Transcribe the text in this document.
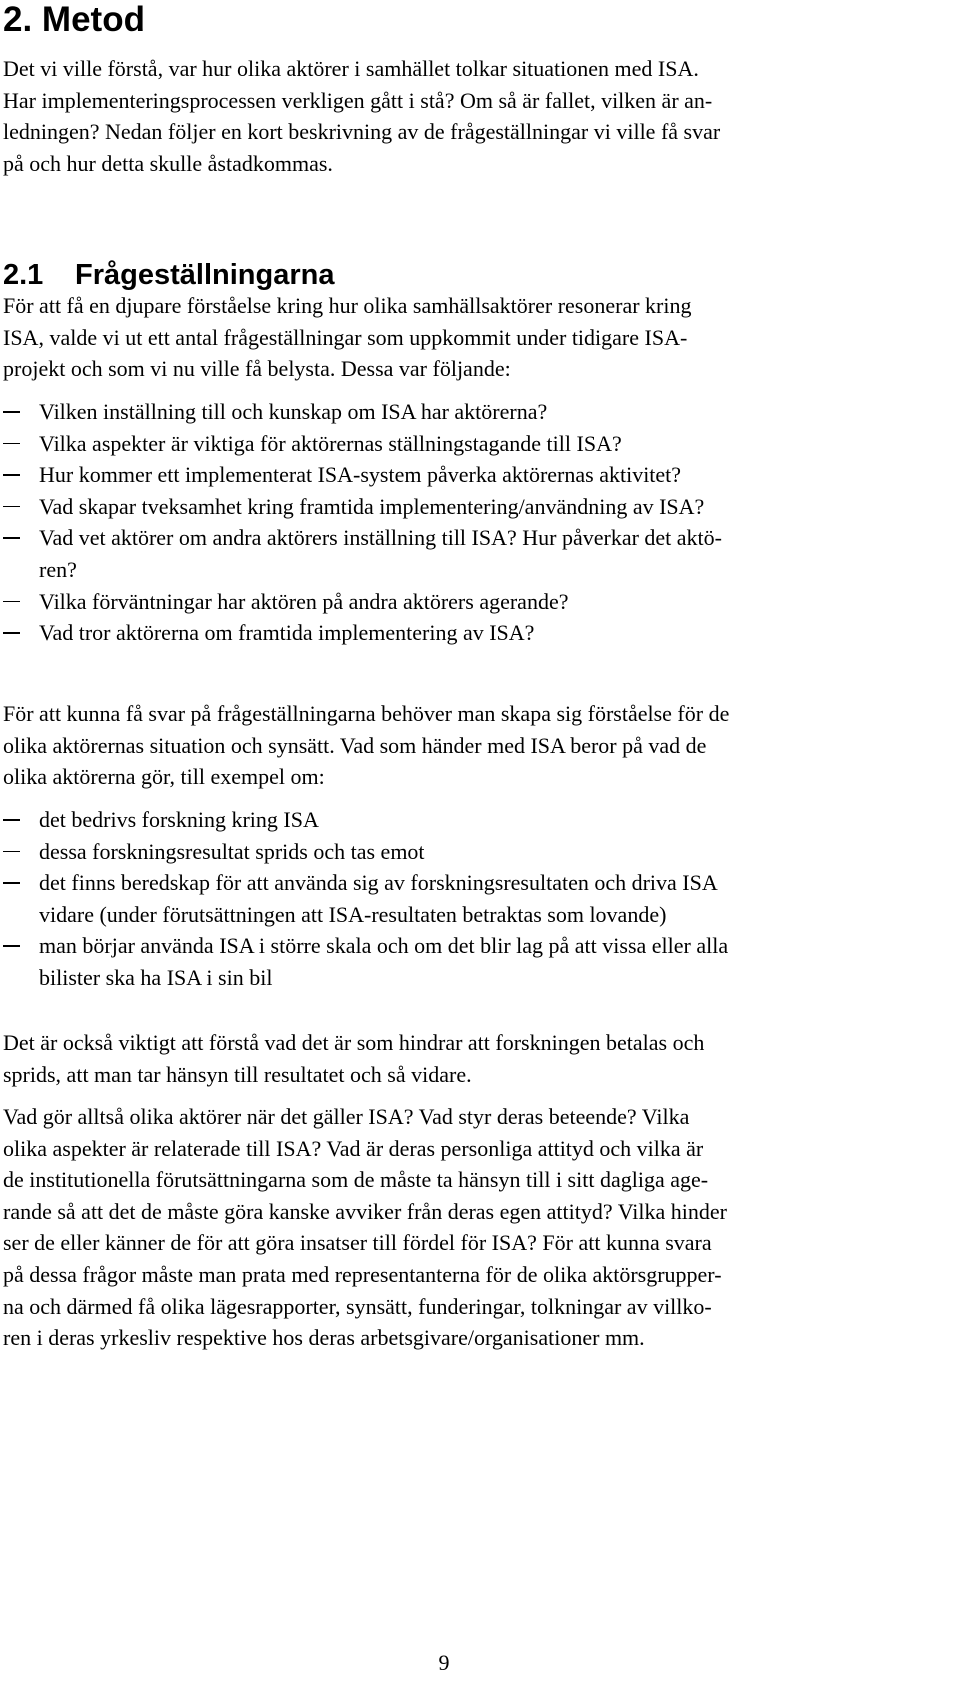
2. Metod
Det vi ville förstå, var hur olika aktörer i samhället tolkar situationen med ISA.
Har implementeringsprocessen verkligen gått i stå? Om så är fallet, vilken är an-
ledningen? Nedan följer en kort beskrivning av de frågeställningar vi ville få svar
på och hur detta skulle åstadkommas.
2.1 Frågeställningarna
För att få en djupare förståelse kring hur olika samhällsaktörer resonerar kring
ISA, valde vi ut ett antal frågeställningar som uppkommit under tidigare ISA-
projekt och som vi nu ville få belysta. Dessa var följande:
Vilken inställning till och kunskap om ISA har aktörerna?
Vilka aspekter är viktiga för aktörernas ställningstagande till ISA?
Hur kommer ett implementerat ISA-system påverka aktörernas aktivitet?
Vad skapar tveksamhet kring framtida implementering/användning av ISA?
Vad vet aktörer om andra aktörers inställning till ISA? Hur påverkar det aktö-
ren?
Vilka förväntningar har aktören på andra aktörers agerande?
Vad tror aktörerna om framtida implementering av ISA?
För att kunna få svar på frågeställningarna behöver man skapa sig förståelse för de
olika aktörernas situation och synsätt. Vad som händer med ISA beror på vad de
olika aktörerna gör, till exempel om:
det bedrivs forskning kring ISA
dessa forskningsresultat sprids och tas emot
det finns beredskap för att använda sig av forskningsresultaten och driva ISA
vidare (under förutsättningen att ISA-resultaten betraktas som lovande)
man börjar använda ISA i större skala och om det blir lag på att vissa eller alla
bilister ska ha ISA i sin bil
Det är också viktigt att förstå vad det är som hindrar att forskningen betalas och
sprids, att man tar hänsyn till resultatet och så vidare.
Vad gör alltså olika aktörer när det gäller ISA? Vad styr deras beteende? Vilka
olika aspekter är relaterade till ISA? Vad är deras personliga attityd och vilka är
de institutionella förutsättningarna som de måste ta hänsyn till i sitt dagliga age-
rande så att det de måste göra kanske avviker från deras egen attityd? Vilka hinder
ser de eller känner de för att göra insatser till fördel för ISA? För att kunna svara
på dessa frågor måste man prata med representanterna för de olika aktörsgrupper-
na och därmed få olika lägesrapporter, synsätt, funderingar, tolkningar av villko-
ren i deras yrkesliv respektive hos deras arbetsgivare/organisationer mm.
9
